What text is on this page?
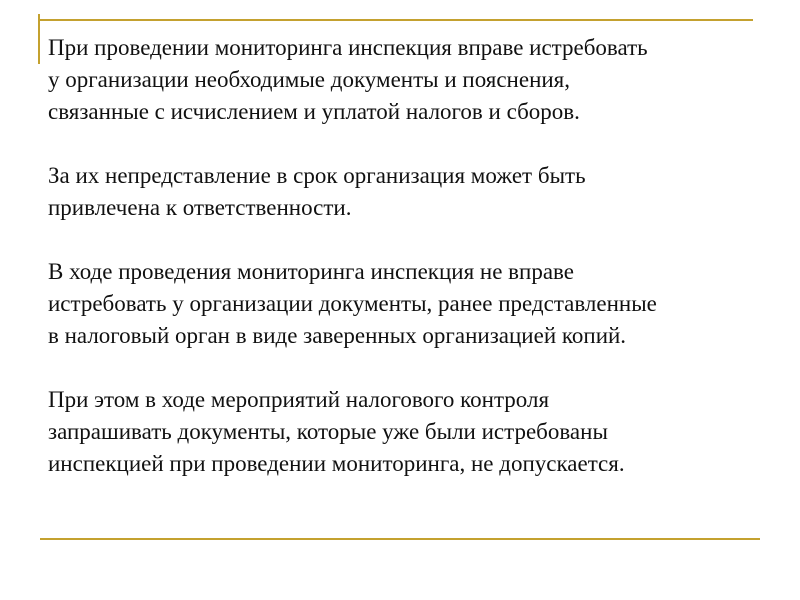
При проведении мониторинга инспекция вправе истребовать
у организации необходимые документы и пояснения,
связанные с исчислением и уплатой налогов и сборов.

За их непредставление в срок организация может быть
привлечена к ответственности.

В ходе проведения мониторинга инспекция не вправе
истребовать у организации документы, ранее представленные
в налоговый орган в виде заверенных организацией копий.

При этом в ходе мероприятий налогового контроля
запрашивать документы, которые уже были истребованы
инспекцией при проведении мониторинга, не допускается.
